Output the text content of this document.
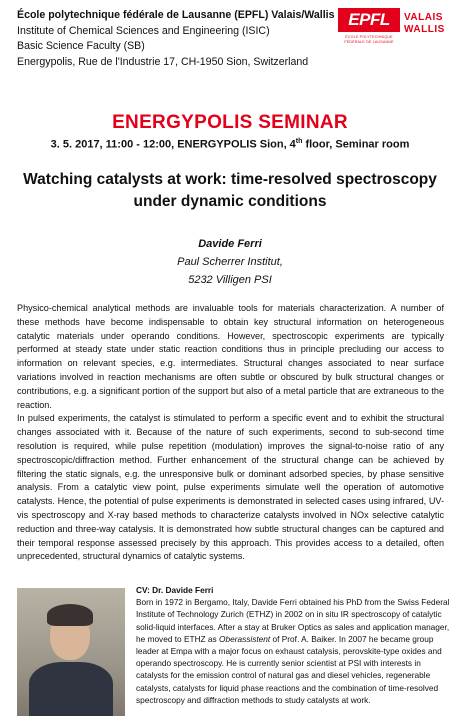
École polytechnique fédérale de Lausanne (EPFL) Valais/Wallis
Institute of Chemical Sciences and Engineering (ISIC)
Basic Science Faculty (SB)
Energypolis, Rue de l'Industrie 17, CH-1950 Sion, Switzerland
EPFL
ÉCOLE POLYTECHNIQUE
FÉDÉRALE DE LAUSANNE
VALAIS
WALLIS
ENERGYPOLIS SEMINAR
3. 5. 2017, 11:00 - 12:00, ENERGYPOLIS Sion, 4th floor, Seminar room
Watching catalysts at work: time-resolved spectroscopy
under dynamic conditions
Davide Ferri
Paul Scherrer Institut,
5232 Villigen PSI

Physico-chemical analytical methods are invaluable tools for materials characterization. A number of these methods have become indispensable to obtain key structural information on heterogeneous catalytic materials under operando conditions. However, spectroscopic experiments are typically performed at steady state under static reaction conditions thus in principle precluding our access to information on relevant species, e.g. intermediates. Structural changes associated to near surface variations involved in reaction mechanisms are often subtle or obscured by bulk structural changes or contributions, e.g. a significant portion of the support but also of a metal particle that are extraneous to the reaction.

In pulsed experiments, the catalyst is stimulated to perform a specific event and to exhibit the structural changes associated with it. Because of the nature of such experiments, second to sub-second time resolution is required, while pulse repetition (modulation) improves the signal-to-noise ratio of any spectroscopic/diffraction method. Further enhancement of the structural change can be achieved by filtering the static signals, e.g. the unresponsive bulk or dominant adsorbed species, by phase sensitive analysis. From a catalytic view point, pulse experiments simulate well the operation of automotive catalysts. Hence, the potential of pulse experiments is demonstrated in selected cases using infrared, UV-vis spectroscopy and X-ray based methods to characterize catalysts involved in NOx selective catalytic reduction and three-way catalysis. It is demonstrated how subtle structural changes can be captured and their temporal response assessed precisely by this approach. This provides access to a detailed, often unprecedented, structural dynamics of catalytic systems.

CV: Dr. Davide Ferri
Born in 1972 in Bergamo, Italy, Davide Ferri obtained his PhD from the Swiss Federal Institute of Technology Zurich (ETHZ) in 2002 on in situ IR spectroscopy of catalytic solid-liquid interfaces. After a stay at Bruker Optics as sales and application manager, he moved to ETHZ as Oberassistent of Prof. A. Baiker. In 2007 he became group leader at Empa with a major focus on exhaust catalysis, perovskite-type oxides and operando spectroscopy. He is currently senior scientist at PSI with interests in catalysts for the emission control of natural gas and diesel vehicles, regenerable catalysts, catalysts for liquid phase reactions and the combination of time-resolved spectroscopy and diffraction methods to study catalysts at work.
